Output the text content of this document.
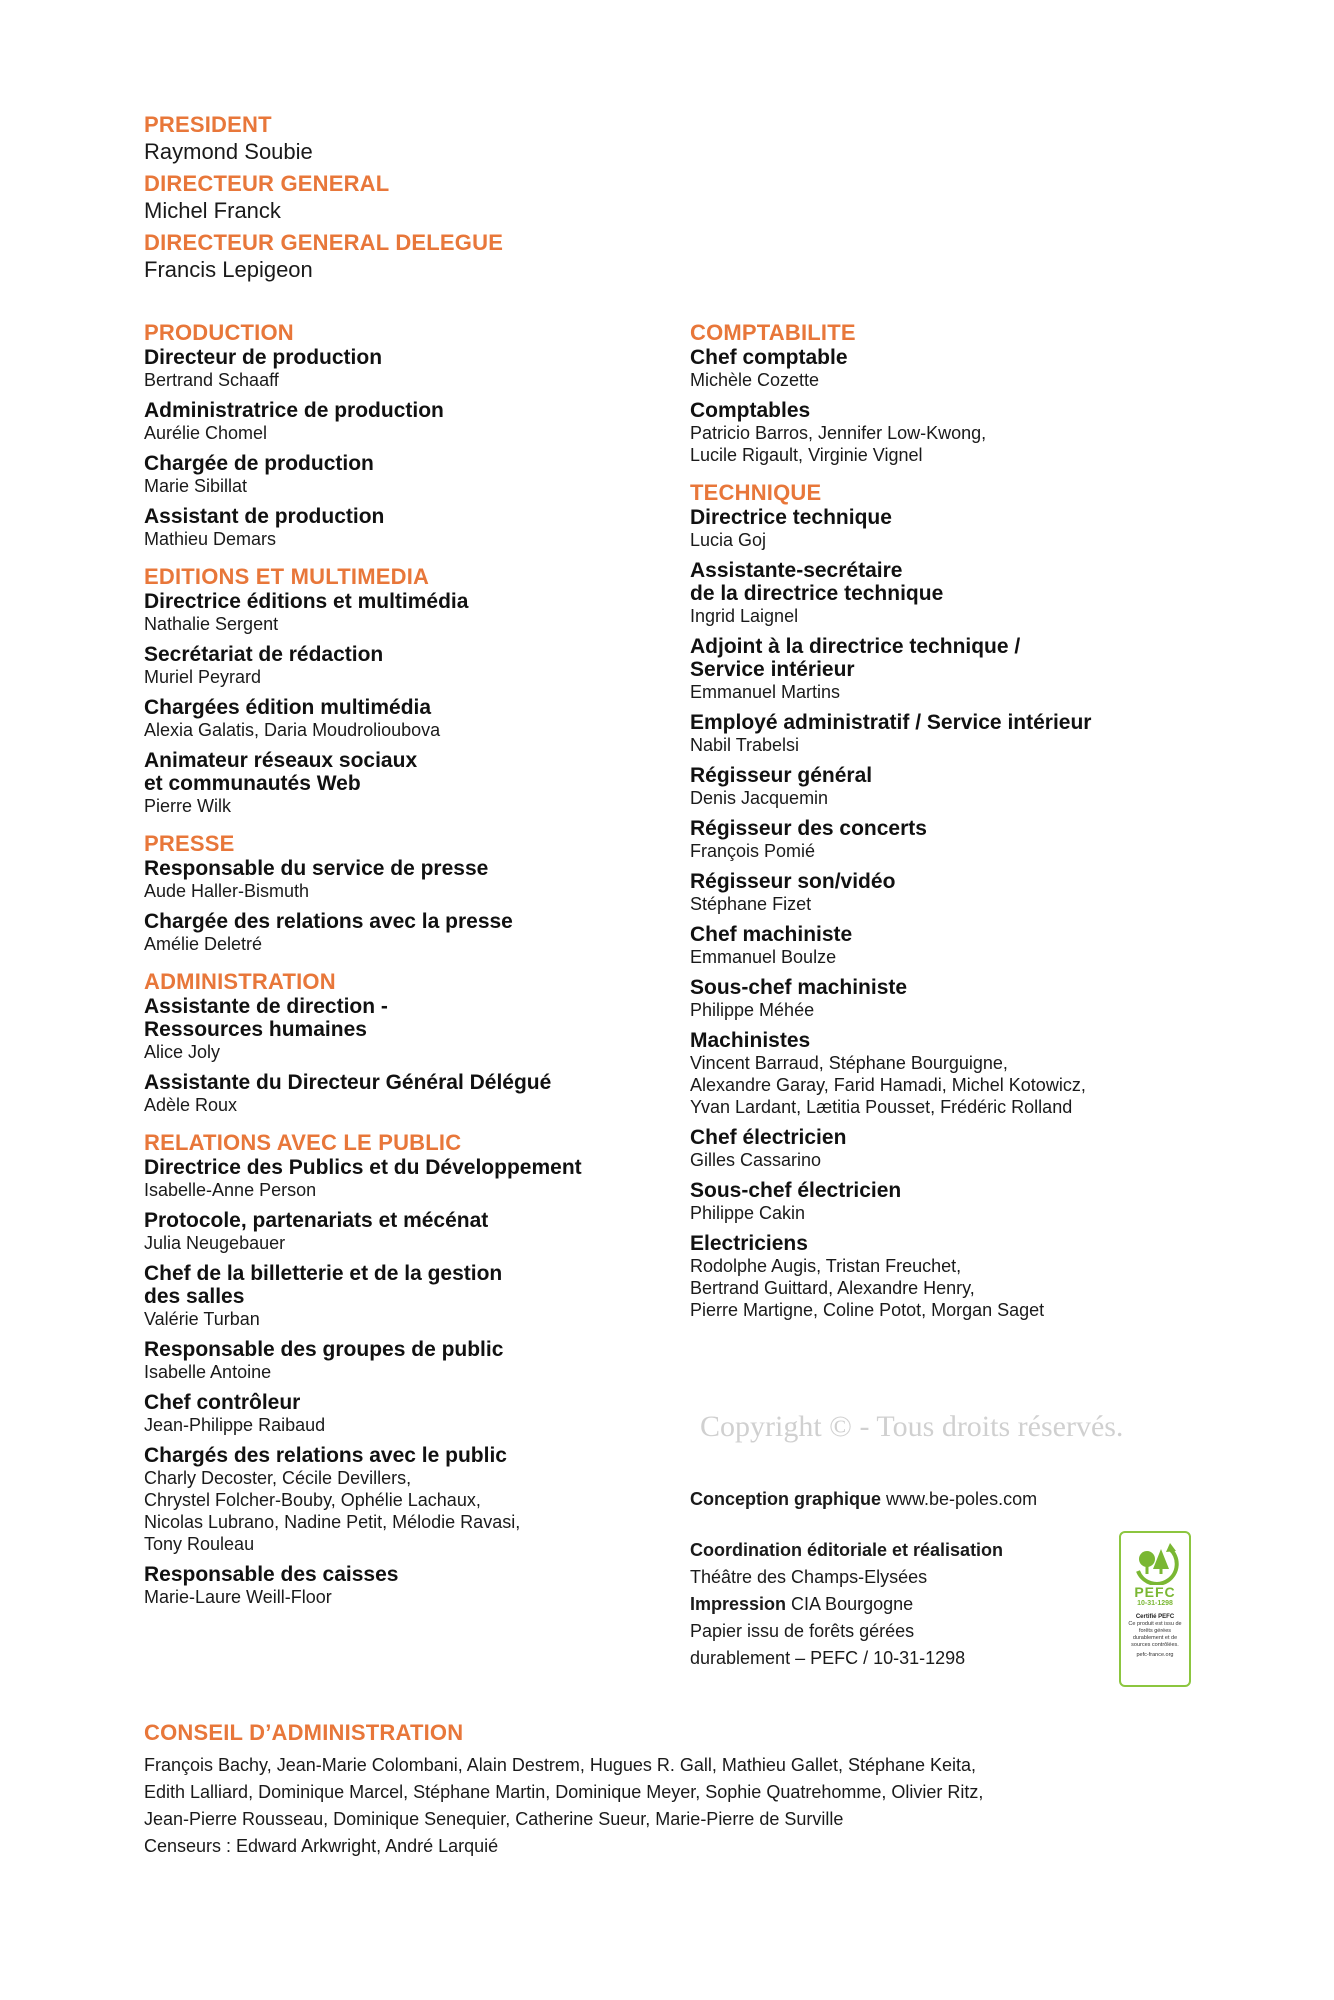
PRESIDENT
Raymond Soubie
DIRECTEUR GENERAL
Michel Franck
DIRECTEUR GENERAL DELEGUE
Francis Lepigeon
PRODUCTION
Directeur de production
Bertrand Schaaff
Administratrice de production
Aurélie Chomel
Chargée de production
Marie Sibillat
Assistant de production
Mathieu Demars
EDITIONS ET MULTIMEDIA
Directrice éditions et multimédia
Nathalie Sergent
Secrétariat de rédaction
Muriel Peyrard
Chargées édition multimédia
Alexia Galatis, Daria Moudrolioubova
Animateur réseaux sociaux
et communautés Web
Pierre Wilk
PRESSE
Responsable du service de presse
Aude Haller-Bismuth
Chargée des relations avec la presse
Amélie Deletré
ADMINISTRATION
Assistante de direction -
Ressources humaines
Alice Joly
Assistante du Directeur Général Délégué
Adèle Roux
RELATIONS AVEC LE PUBLIC
Directrice des Publics et du Développement
Isabelle-Anne Person
Protocole, partenariats et mécénat
Julia Neugebauer
Chef de la billetterie et de la gestion
des salles
Valérie Turban
Responsable des groupes de public
Isabelle Antoine
Chef contrôleur
Jean-Philippe Raibaud
Chargés des relations avec le public
Charly Decoster, Cécile Devillers,
Chrystel Folcher-Bouby, Ophélie Lachaux,
Nicolas Lubrano, Nadine Petit, Mélodie Ravasi,
Tony Rouleau
Responsable des caisses
Marie-Laure Weill-Floor
COMPTABILITE
Chef comptable
Michèle Cozette
Comptables
Patricio Barros, Jennifer Low-Kwong,
Lucile Rigault, Virginie Vignel
TECHNIQUE
Directrice technique
Lucia Goj
Assistante-secrétaire
de la directrice technique
Ingrid Laignel
Adjoint à la directrice technique /
Service intérieur
Emmanuel Martins
Employé administratif / Service intérieur
Nabil Trabelsi
Régisseur général
Denis Jacquemin
Régisseur des concerts
François Pomié
Régisseur son/vidéo
Stéphane Fizet
Chef machiniste
Emmanuel Boulze
Sous-chef machiniste
Philippe Méhée
Machinistes
Vincent Barraud, Stéphane Bourguigne,
Alexandre Garay, Farid Hamadi, Michel Kotowicz,
Yvan Lardant, Lætitia Pousset, Frédéric Rolland
Chef électricien
Gilles Cassarino
Sous-chef électricien
Philippe Cakin
Electriciens
Rodolphe Augis, Tristan Freuchet,
Bertrand Guittard, Alexandre Henry,
Pierre Martigne, Coline Potot, Morgan Saget
Copyright © - Tous droits réservés.
Conception graphique www.be-poles.com
Coordination éditoriale et réalisation
Théâtre des Champs-Elysées
Impression CIA Bourgogne
Papier issu de forêts gérées
durablement – PEFC / 10-31-1298
PEFC
10-31-1298
Certifié PEFC
Ce produit est issu de forêts gérées durablement et de sources contrôlées.
pefc-france.org
CONSEIL D’ADMINISTRATION
François Bachy, Jean-Marie Colombani, Alain Destrem, Hugues R. Gall, Mathieu Gallet, Stéphane Keita,
Edith Lalliard, Dominique Marcel, Stéphane Martin, Dominique Meyer, Sophie Quatrehomme, Olivier Ritz,
Jean-Pierre Rousseau, Dominique Senequier, Catherine Sueur, Marie-Pierre de Surville
Censeurs : Edward Arkwright, André Larquié
